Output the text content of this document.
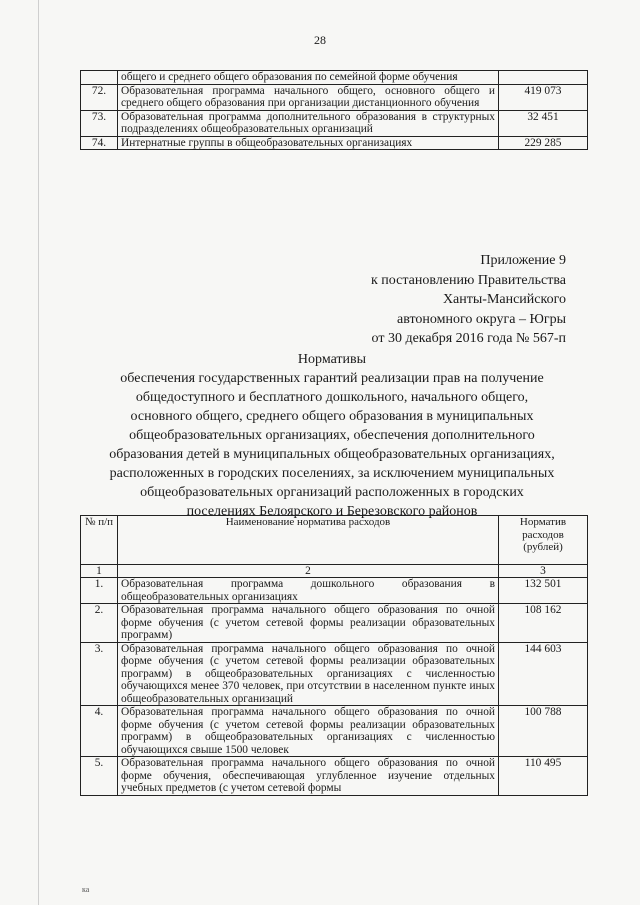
28
	общего и среднего общего образования по семейной форме обучения	
72.	Образовательная программа начального общего, основного общего и среднего общего образования при организации дистанционного обучения	419 073
73.	Образовательная программа дополнительного образования в структурных подразделениях общеобразовательных организаций	32 451
74.	Интернатные группы в общеобразовательных организациях	229 285
Приложение 9
к постановлению Правительства
Ханты-Мансийского
автономного округа – Югры
от 30 декабря 2016 года № 567-п
Нормативы
обеспечения государственных гарантий реализации прав на получение
общедоступного и бесплатного дошкольного, начального общего,
основного общего, среднего общего образования в муниципальных
общеобразовательных организациях, обеспечения дополнительного
образования детей в муниципальных общеобразовательных организациях,
расположенных в городских поселениях, за исключением муниципальных
общеобразовательных организаций расположенных в городских
поселениях Белоярского и Березовского районов
№ п/п	Наименование норматива расходов	Норматив расходов (рублей)
1	2	3
1.	Образовательная программа дошкольного образования в общеобразовательных организациях	132 501
2.	Образовательная программа начального общего образования по очной форме обучения (с учетом сетевой формы реализации образовательных программ)	108 162
3.	Образовательная программа начального общего образования по очной форме обучения (с учетом сетевой формы реализации образовательных программ) в общеобразовательных организациях с численностью обучающихся менее 370 человек, при отсутствии в населенном пункте иных общеобразовательных организаций	144 603
4.	Образовательная программа начального общего образования по очной форме обучения (с учетом сетевой формы реализации образовательных программ) в общеобразовательных организациях с численностью обучающихся свыше 1500 человек	100 788
5.	Образовательная программа начального общего образования по очной форме обучения, обеспечивающая углубленное изучение отдельных учебных предметов (с учетом сетевой формы	110 495
ка
